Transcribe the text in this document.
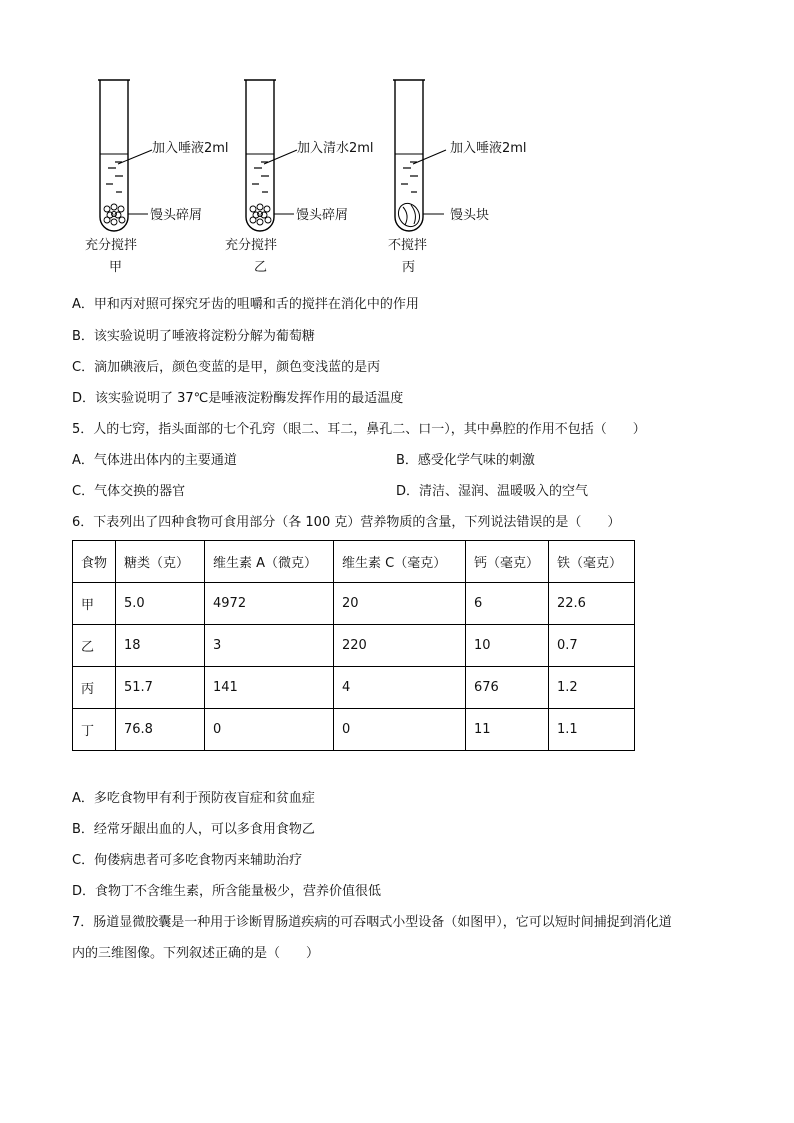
加入唾液2ml
馒头碎屑
充分搅拌
甲
加入清水2ml
馒头碎屑
充分搅拌
乙
加入唾液2ml
馒头块
不搅拌
丙
A．甲和丙对照可探究牙齿的咀嚼和舌的搅拌在消化中的作用
B．该实验说明了唾液将淀粉分解为葡萄糖
C．滴加碘液后，颜色变蓝的是甲，颜色变浅蓝的是丙
D．该实验说明了 37℃是唾液淀粉酶发挥作用的最适温度
5．人的七窍，指头面部的七个孔窍（眼二、耳二，鼻孔二、口一），其中鼻腔的作用不包括（　　）
A．气体进出体内的主要通道	B．感受化学气味的刺激
C．气体交换的器官	D．清洁、湿润、温暖吸入的空气
6．下表列出了四种食物可食用部分（各 100 克）营养物质的含量，下列说法错误的是（　　）
食物	糖类（克）	维生素 A（微克）	维生素 C（毫克）	钙（毫克）	铁（毫克）
甲	5.0	4972	20	6	22.6
乙	18	3	220	10	0.7
丙	51.7	141	4	676	1.2
丁	76.8	0	0	11	1.1
A．多吃食物甲有利于预防夜盲症和贫血症
B．经常牙龈出血的人，可以多食用食物乙
C．佝偻病患者可多吃食物丙来辅助治疗
D．食物丁不含维生素，所含能量极少，营养价值很低
7．肠道显微胶囊是一种用于诊断胃肠道疾病的可吞咽式小型设备（如图甲），它可以短时间捕捉到消化道
内的三维图像。下列叙述正确的是（　　）
